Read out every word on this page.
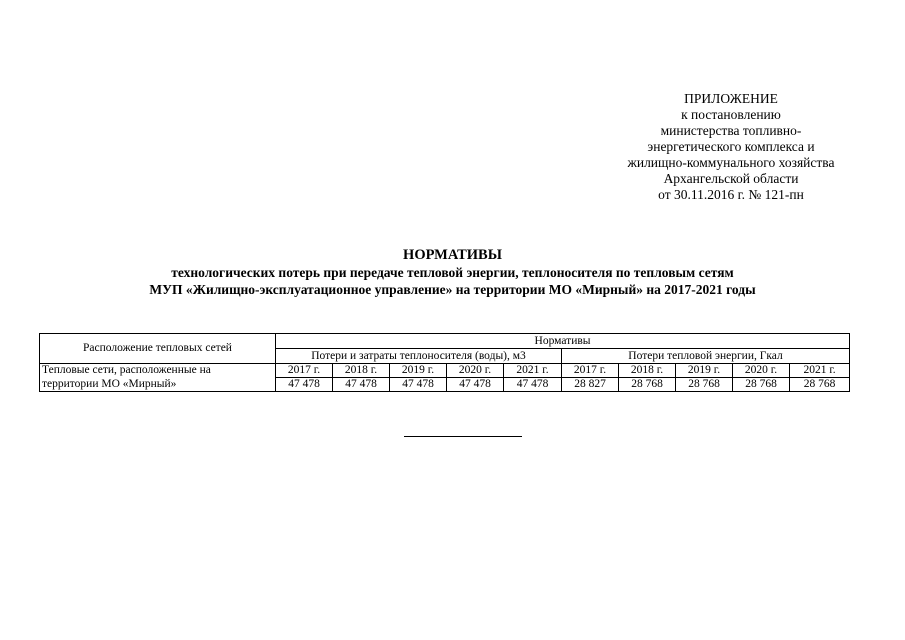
ПРИЛОЖЕНИЕ
к постановлению
министерства топливно-
энергетического комплекса и
жилищно-коммунального хозяйства
Архангельской области
от 30.11.2016 г. № 121-пн
НОРМАТИВЫ
технологических потерь при передаче тепловой энергии, теплоносителя по тепловым сетям
МУП «Жилищно-эксплуатационное управление» на территории МО «Мирный» на 2017-2021 годы
Расположение тепловых сетей	Нормативы									
	Потери и затраты теплоносителя (воды), м3					Потери тепловой энергии, Гкал				
Тепловые сети, расположенные на	2017 г.	2018 г.	2019 г.	2020 г.	2021 г.	2017 г.	2018 г.	2019 г.	2020 г.	2021 г.
территории МО «Мирный»	47 478	47 478	47 478	47 478	47 478	28 827	28 768	28 768	28 768	28 768
